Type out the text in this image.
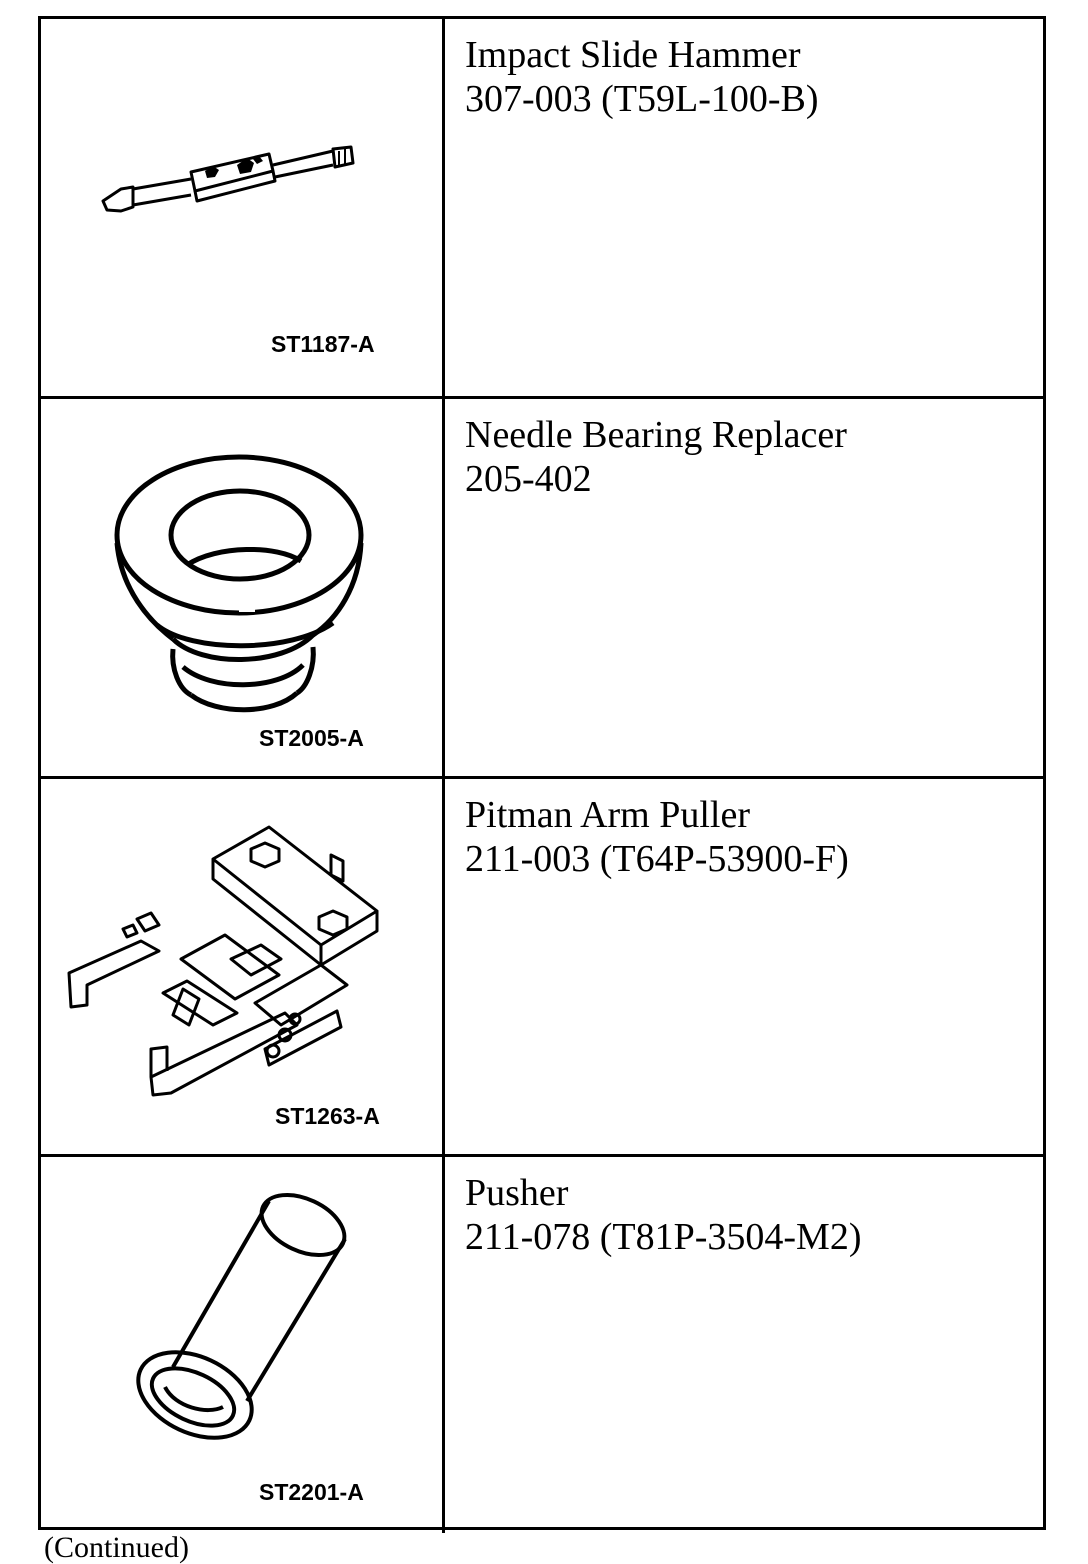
ST1187-A
Impact Slide Hammer
307-003 (T59L-100-B)
ST2005-A
Needle Bearing Replacer
205-402
ST1263-A
Pitman Arm Puller
211-003 (T64P-53900-F)
ST2201-A
Pusher
211-078 (T81P-3504-M2)
(Continued)
